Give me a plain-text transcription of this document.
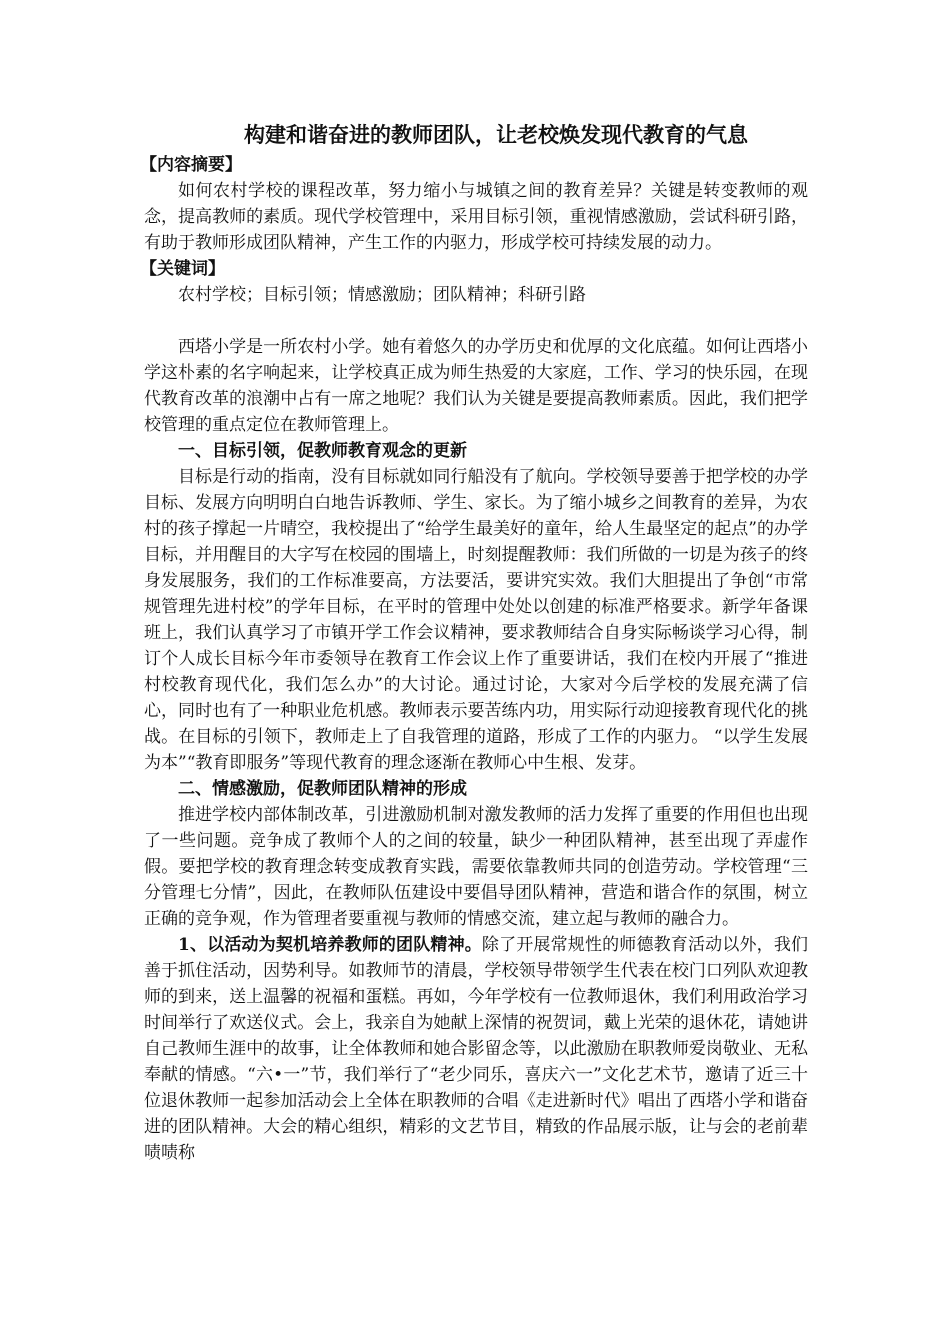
构建和谐奋进的教师团队，让老校焕发现代教育的气息
【内容摘要】

如何农村学校的课程改革，努力缩小与城镇之间的教育差异？关键是转变教师的观念，提高教师的素质。现代学校管理中，采用目标引领，重视情感激励，尝试科研引路，有助于教师形成团队精神，产生工作的内驱力，形成学校可持续发展的动力。

【关键词】

农村学校；目标引领；情感激励；团队精神；科研引路

西塔小学是一所农村小学。她有着悠久的办学历史和优厚的文化底蕴。如何让西塔小学这朴素的名字响起来，让学校真正成为师生热爱的大家庭，工作、学习的快乐园，在现代教育改革的浪潮中占有一席之地呢？我们认为关键是要提高教师素质。因此，我们把学校管理的重点定位在教师管理上。

一、目标引领，促教师教育观念的更新

目标是行动的指南，没有目标就如同行船没有了航向。学校领导要善于把学校的办学目标、发展方向明明白白地告诉教师、学生、家长。为了缩小城乡之间教育的差异，为农村的孩子撑起一片晴空，我校提出了“给学生最美好的童年，给人生最坚定的起点”的办学目标，并用醒目的大字写在校园的围墙上，时刻提醒教师：我们所做的一切是为孩子的终身发展服务，我们的工作标准要高，方法要活，要讲究实效。我们大胆提出了争创“市常规管理先进村校”的学年目标，在平时的管理中处处以创建的标准严格要求。新学年备课班上，我们认真学习了市镇开学工作会议精神，要求教师结合自身实际畅谈学习心得，制订个人成长目标今年市委领导在教育工作会议上作了重要讲话，我们在校内开展了“推进村校教育现代化，我们怎么办”的大讨论。通过讨论，大家对今后学校的发展充满了信心，同时也有了一种职业危机感。教师表示要苦练内功，用实际行动迎接教育现代化的挑战。在目标的引领下，教师走上了自我管理的道路，形成了工作的内驱力。 “以学生发展为本”“教育即服务”等现代教育的理念逐渐在教师心中生根、发芽。

二、情感激励，促教师团队精神的形成

推进学校内部体制改革，引进激励机制对激发教师的活力发挥了重要的作用但也出现了一些问题。竞争成了教师个人的之间的较量，缺少一种团队精神，甚至出现了弄虚作假。要把学校的教育理念转变成教育实践，需要依靠教师共同的创造劳动。学校管理“三分管理七分情”，因此，在教师队伍建设中要倡导团队精神，营造和谐合作的氛围，树立正确的竞争观，作为管理者要重视与教师的情感交流，建立起与教师的融合力。

1、以活动为契机培养教师的团队精神。除了开展常规性的师德教育活动以外，我们善于抓住活动，因势利导。如教师节的清晨，学校领导带领学生代表在校门口列队欢迎教师的到来，送上温馨的祝福和蛋糕。再如，今年学校有一位教师退休，我们利用政治学习时间举行了欢送仪式。会上，我亲自为她献上深情的祝贺词，戴上光荣的退休花，请她讲自己教师生涯中的故事，让全体教师和她合影留念等，以此激励在职教师爱岗敬业、无私奉献的情感。“六•一”节，我们举行了“老少同乐，喜庆六一”文化艺术节，邀请了近三十位退休教师一起参加活动会上全体在职教师的合唱《走进新时代》唱出了西塔小学和谐奋进的团队精神。大会的精心组织，精彩的文艺节目，精致的作品展示版，让与会的老前辈啧啧称
